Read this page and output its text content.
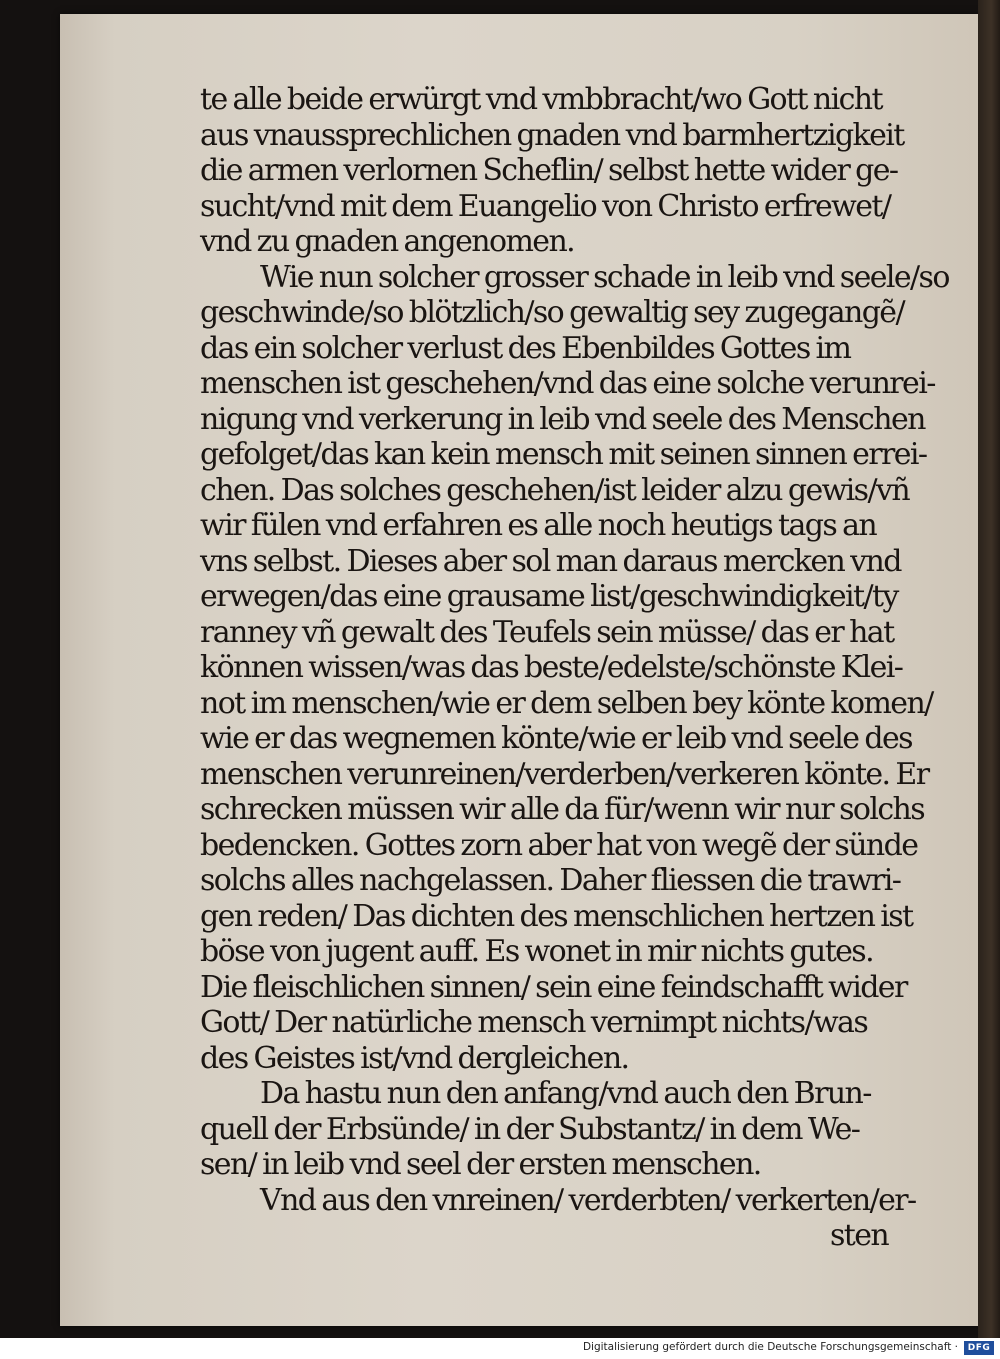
te alle beide erwürgt vnd vmbbracht/wo Gott nicht
aus vnaussprechlichen gnaden vnd barmhertzigkeit
die armen verlornen Scheflin/ selbst hette wider ge-
sucht/vnd mit dem Euangelio von Christo erfrewet/
vnd zu gnaden angenomen.
Wie nun solcher grosser schade in leib vnd seele/so
geschwinde/so blötzlich/so gewaltig sey zugegangẽ/
das ein solcher verlust des Ebenbildes Gottes im
menschen ist geschehen/vnd das eine solche verunrei-
nigung vnd verkerung in leib vnd seele des Menschen
gefolget/das kan kein mensch mit seinen sinnen errei-
chen. Das solches geschehen/ist leider alzu gewis/vñ
wir fülen vnd erfahren es alle noch heutigs tags an
vns selbst. Dieses aber sol man daraus mercken vnd
erwegen/das eine grausame list/geschwindigkeit/ty
ranney vñ gewalt des Teufels sein müsse/ das er hat
können wissen/was das beste/edelste/schönste Klei-
not im menschen/wie er dem selben bey könte komen/
wie er das wegnemen könte/wie er leib vnd seele des
menschen verunreinen/verderben/verkeren könte. Er
schrecken müssen wir alle da für/wenn wir nur solchs
bedencken. Gottes zorn aber hat von wegẽ der sünde
solchs alles nachgelassen. Daher fliessen die trawri-
gen reden/ Das dichten des menschlichen hertzen ist
böse von jugent auff. Es wonet in mir nichts gutes.
Die fleischlichen sinnen/ sein eine feindschafft wider
Gott/ Der natürliche mensch vernimpt nichts/was
des Geistes ist/vnd dergleichen.
Da hastu nun den anfang/vnd auch den Brun-
quell der Erbsünde/ in der Substantz/ in dem We-
sen/ in leib vnd seel der ersten menschen.
Vnd aus den vnreinen/ verderbten/ verkerten/er-
sten
Digitalisierung gefördert durch die Deutsche Forschungsgemeinschaft ·	DFG
